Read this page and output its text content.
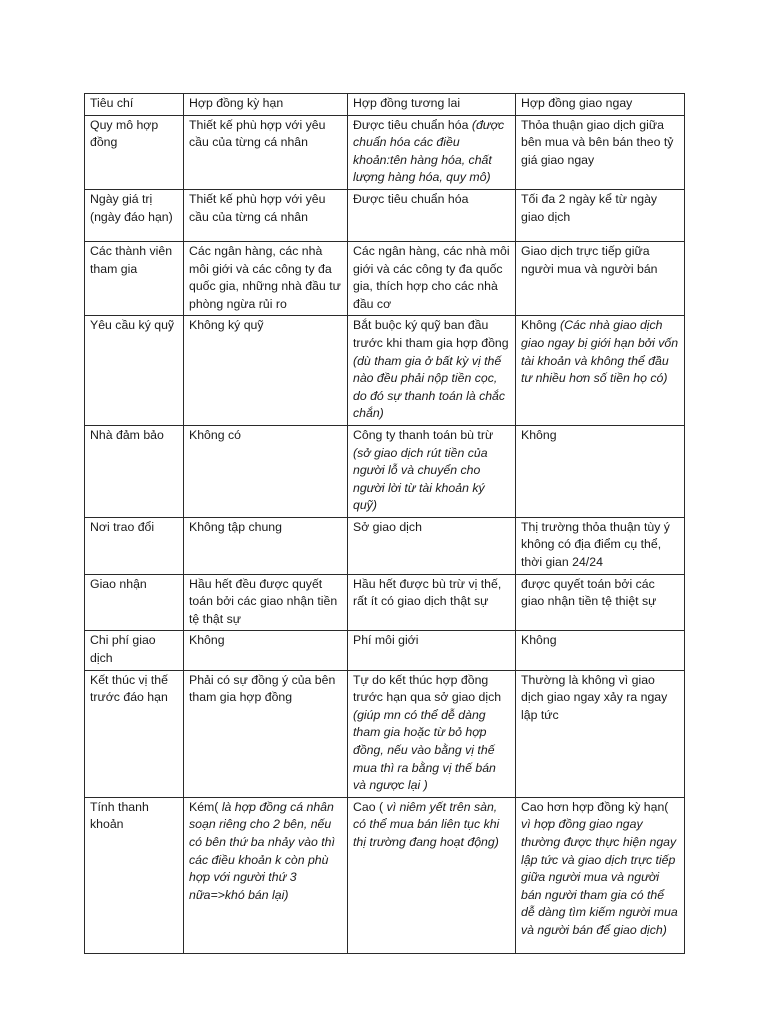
Tiêu chí	Hợp đồng kỳ hạn	Hợp đồng tương lai	Hợp đồng giao ngay
Quy mô hợp đồng	Thiết kế phù hợp với yêu cầu của từng cá nhân	Được tiêu chuẩn hóa (được chuẩn hóa các điều khoản:tên hàng hóa, chất lượng hàng hóa, quy mô)	Thỏa thuận giao dịch giữa bên mua và bên bán theo tỷ giá giao ngay
Ngày giá trị (ngày đáo hạn)	Thiết kế phù hợp với yêu cầu của từng cá nhân	Được tiêu chuẩn hóa	Tối đa 2 ngày kể từ ngày giao dịch
Các thành viên tham gia	Các ngân hàng, các nhà môi giới và các công ty đa quốc gia, những nhà đầu tư phòng ngừa rủi ro	Các ngân hàng, các nhà môi giới và các công ty đa quốc gia, thích hợp cho các nhà đầu cơ	Giao dịch trực tiếp giữa người mua và người bán
Yêu cầu ký quỹ	Không ký quỹ	Bắt buộc ký quỹ ban đầu trước khi tham gia hợp đồng (dù tham gia ở bất kỳ vị thế nào đều phải nộp tiền cọc, do đó sự thanh toán là chắc chắn)	Không (Các nhà giao dịch giao ngay bị giới hạn bởi vốn tài khoản và không thể đầu tư nhiều hơn số tiền họ có)
Nhà đảm bảo	Không có	Công ty thanh toán bù trừ (sở giao dịch rút tiền của người lỗ và chuyển cho người lời từ tài khoản ký quỹ)	Không
Nơi trao đổi	Không tập chung	Sở giao dịch	Thị trường thỏa thuận tùy ý không có địa điểm cụ thể, thời gian 24/24
Giao nhận	Hầu hết đều được quyết toán bởi các giao nhận tiền tệ thật sự	Hầu hết được bù trừ vị thế, rất ít có giao dịch thật sự	được quyết toán bởi các giao nhận tiền tệ thiệt sự
Chi phí giao dịch	Không	Phí môi giới	Không
Kết thúc vị thế trước đáo hạn	Phải có sự đồng ý của bên tham gia hợp đồng	Tự do kết thúc hợp đồng trước hạn qua sở giao dịch (giúp mn có thể dễ dàng tham gia hoặc từ bỏ hợp đồng, nếu vào bằng vị thế mua thì ra bằng vị thế bán và ngược lại )	Thường là không vì giao dịch giao ngay xảy ra ngay lập tức
Tính thanh khoản	Kém( là hợp đồng cá nhân soạn riêng cho 2 bên, nếu có bên thứ ba nhảy vào thì các điều khoản k còn phù hợp với người thứ 3 nữa=>khó bán lại)	Cao ( vì niêm yết trên sàn, có thể mua bán liên tục khi thị trường đang hoạt động)	Cao hơn hợp đồng kỳ hạn( vì hợp đồng giao ngay thường được thực hiện ngay lập tức và giao dịch trực tiếp giữa người mua và người bán người tham gia có thể dễ dàng tìm kiếm người mua và người bán để giao dịch)
